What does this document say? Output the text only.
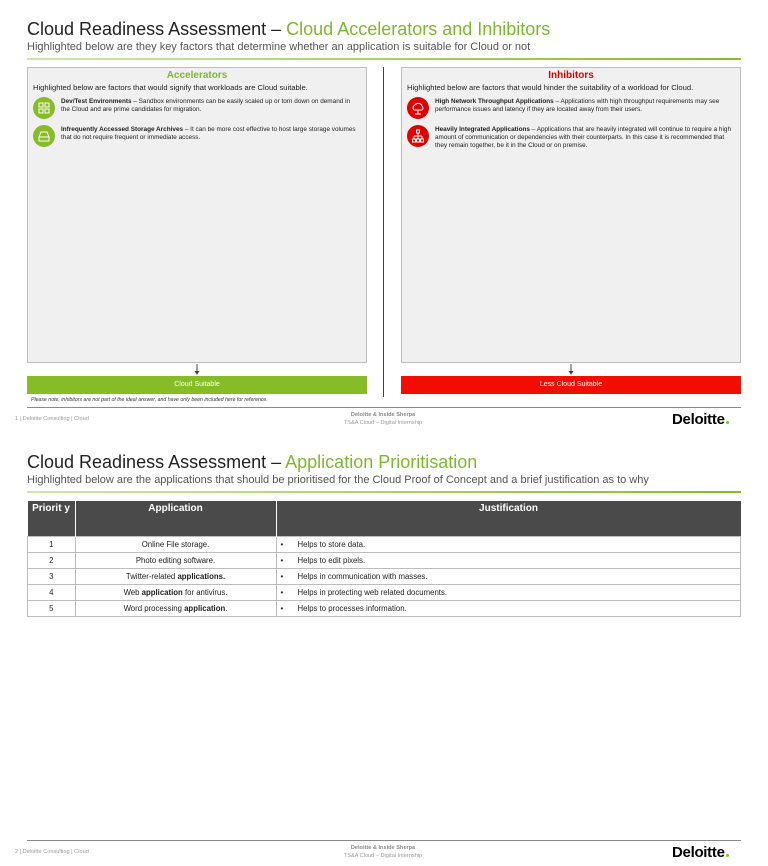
Cloud Readiness Assessment – Cloud Accelerators and Inhibitors
Highlighted below are they key factors that determine whether an application is suitable for Cloud or not
Accelerators
Highlighted below are factors that would signify that workloads are Cloud suitable.
Dev/Test Environments – Sandbox environments can be easily scaled up or torn down on demand in the Cloud and are prime candidates for migration.
Infrequently Accessed Storage Archives – It can be more cost effective to host large storage volumes that do not require frequent or immediate access.
Inhibitors
Highlighted below are factors that would hinder the suitability of a workload for Cloud.
High Network Throughput Applications – Applications with high throughput requirements may see performance issues and latency if they are located away from their users.
Heavily Integrated Applications – Applications that are heavily integrated will continue to require a high amount of communication or dependencies with their counterparts. In this case it is recommended that they remain together, be it in the Cloud or on premise.
Cloud Suitable	Less Cloud Suitable
Please note, inhibitors are not part of the ideal answer, and have only been included here for reference.
1 | Deloitte Consulting | Cloud
Deloitte & Inside Sherpa
TS&A Cloud – Digital Internship	Deloitte
Cloud Readiness Assessment – Application Prioritisation
Highlighted below are the applications that should be prioritised for the Cloud Proof of Concept and a brief justification as to why
Priorit y	Application	Justification
1	Online File storage.	• Helps to store data.
2	Photo editing software.	• Helps to edit pixels.
3	Twitter-related applications.	• Helps in communication with masses.
4	Web application for antivirus.	• Helps in protecting web related documents.
5	Word processing application.	• Helps to processes information.
2 | Deloitte Consulting | Cloud
Deloitte & Inside Sherpa
TS&A Cloud – Digital Internship	Deloitte
